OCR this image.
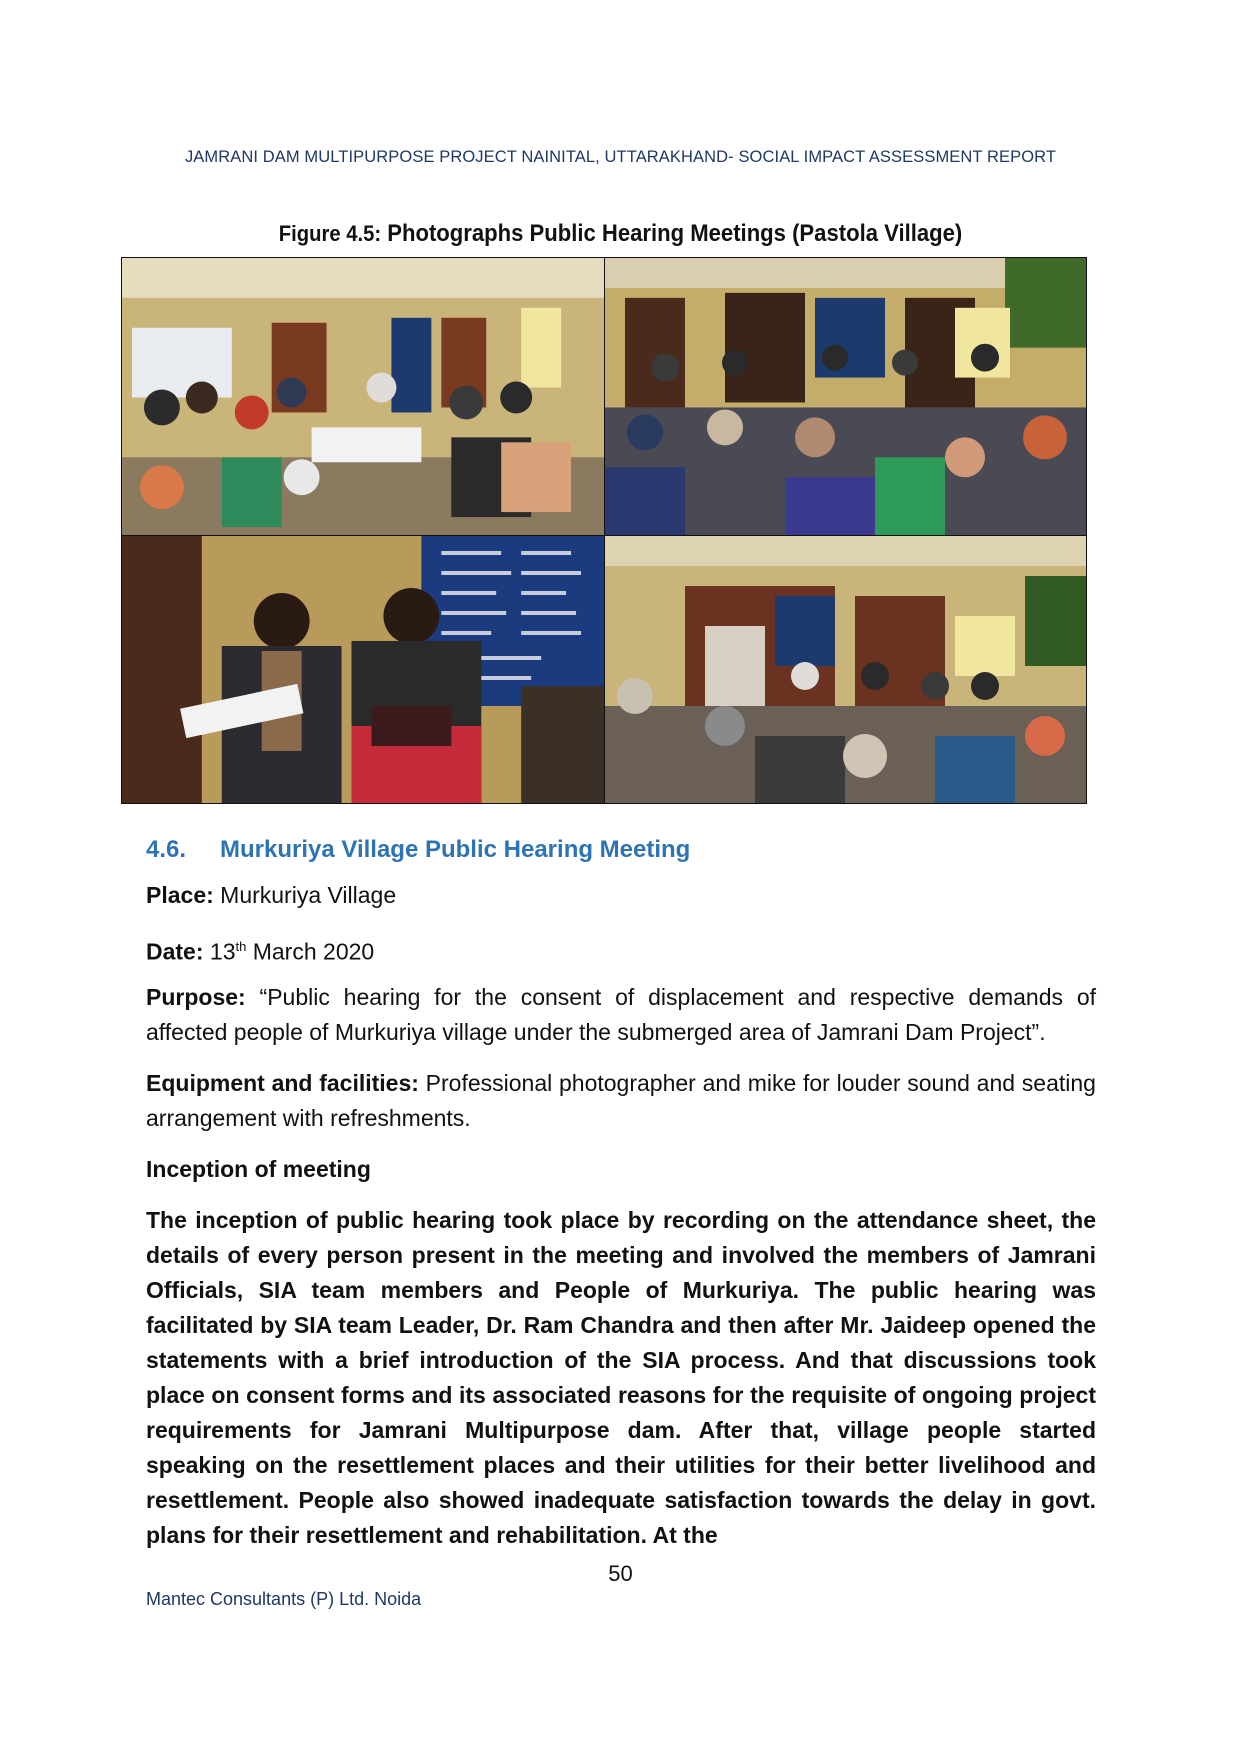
JAMRANI DAM MULTIPURPOSE PROJECT NAINITAL, UTTARAKHAND- SOCIAL IMPACT ASSESSMENT REPORT
Figure 4.5: Photographs Public Hearing Meetings (Pastola Village)
4.6. Murkuriya Village Public Hearing Meeting
Place: Murkuriya Village
Date: 13th March 2020
Purpose: “Public hearing for the consent of displacement and respective demands of affected people of Murkuriya village under the submerged area of Jamrani Dam Project”.
Equipment and facilities: Professional photographer and mike for louder sound and seating arrangement with refreshments.
Inception of meeting
The inception of public hearing took place by recording on the attendance sheet, the details of every person present in the meeting and involved the members of Jamrani Officials, SIA team members and People of Murkuriya. The public hearing was facilitated by SIA team Leader, Dr. Ram Chandra and then after Mr. Jaideep opened the statements with a brief introduction of the SIA process. And that discussions took place on consent forms and its associated reasons for the requisite of ongoing project requirements for Jamrani Multipurpose dam. After that, village people started speaking on the resettlement places and their utilities for their better livelihood and resettlement. People also showed inadequate satisfaction towards the delay in govt. plans for their resettlement and rehabilitation. At the
50
Mantec Consultants (P) Ltd. Noida
